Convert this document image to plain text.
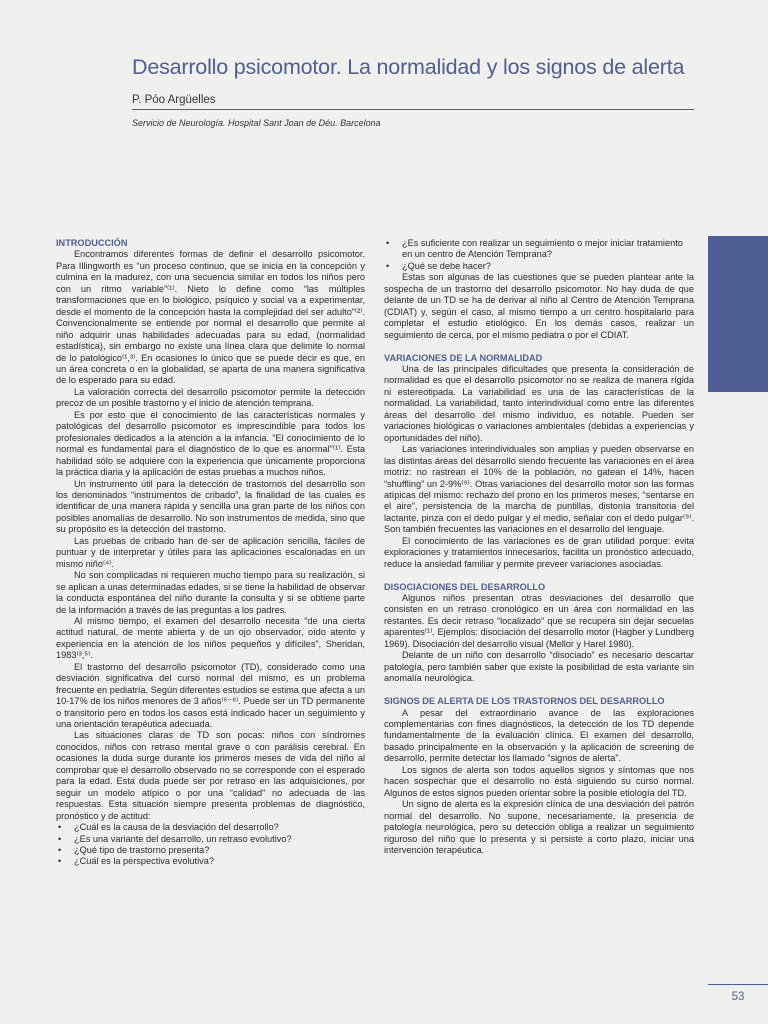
Desarrollo psicomotor. La normalidad y los signos de alerta
P. Póo Argüelles
Servicio de Neurología. Hospital Sant Joan de Déu. Barcelona
INTRODUCCIÓN

Encontramos diferentes formas de definir el desarrollo psicomotor. Para Illingworth es “un proceso continuo, que se inicia en la concepción y culmina en la madurez, con una secuencia similar en todos los niños pero con un ritmo variable”⁽¹⁾. Nieto lo define como “las múltiples transformaciones que en lo biológico, psíquico y social va a experimentar, desde el momento de la concepción hasta la complejidad del ser adulto”⁽²⁾. Convencionalmente se entiende por normal el desarrollo que permite al niño adquirir unas habilidades adecuadas para su edad, (normalidad estadística), sin embargo no existe una línea clara que delimite lo normal de lo patológico⁽¹,³⁾. En ocasiones lo único que se puede decir es que, en un área concreta o en la globalidad, se aparta de una manera significativa de lo esperado para su edad.

La valoración correcta del desarrollo psicomotor permite la detección precoz de un posible trastorno y el inicio de atención temprana.

Es por esto que el conocimiento de las características normales y patológicas del desarrollo psicomotor es imprescindible para todos los profesionales dedicados a la atención a la infancia. “El conocimiento de lo normal es fundamental para el diagnóstico de lo que es anormal”⁽¹⁾. Esta habilidad sólo se adquiere con la experiencia que únicamente proporciona la práctica diaria y la aplicación de estas pruebas a muchos niños.

Un instrumento útil para la detección de trastornos del desarrollo son los denominados “instrumentos de cribado”, la finalidad de las cuales es identificar de una manera rápida y sencilla una gran parte de los niños con posibles anomalías de desarrollo. No son instrumentos de medida, sino que su propósito es la detección del trastorno.

Las pruebas de cribado han de ser de aplicación sencilla, fáciles de puntuar y de interpretar y útiles para las aplicaciones escalonadas en un mismo niño⁽⁴⁾.

No son complicadas ni requieren mucho tiempo para su realización, si se aplican a unas determinadas edades, si se tiene la habilidad de observar la conducta espontánea del niño durante la consulta y si se obtiene parte de la información a través de las preguntas a los padres.

Al mismo tiempo, el examen del desarrollo necesita “de una cierta actitud natural, de mente abierta y de un ojo observador, oído atento y experiencia en la atención de los niños pequeños y difíciles”, Sheridan, 1983⁽³,⁵⁾.

El trastorno del desarrollo psicomotor (TD), considerado como una desviación significativa del curso normal del mismo, es un problema frecuente en pediatría. Según diferentes estudios se estima que afecta a un 10-17% de los niños menores de 3 años⁽⁶⁻⁸⁾. Puede ser un TD permanente o transitorio pero en todos los casos está indicado hacer un seguimiento y una orientación terapéutica adecuada.

Las situaciones claras de TD son pocas: niños con síndromes conocidos, niños con retraso mental grave o con parálisis cerebral. En ocasiones la duda surge durante los primeros meses de vida del niño al comprobar que el desarrollo observado no se corresponde con el esperado para la edad. Esta duda puede ser por retraso en las adquisiciones, por seguir un modelo atípico o por una “calidad” no adecuada de las respuestas. Esta situación siempre presenta problemas de diagnóstico, pronóstico y de actitud:

• ¿Cuál es la causa de la desviación del desarrollo?
• ¿Es una variante del desarrollo, un retraso evolutivo?
• ¿Qué tipo de trastorno presenta?
• ¿Cuál es la perspectiva evolutiva?
• ¿Es suficiente con realizar un seguimiento o mejor iniciar tratamiento en un centro de Atención Temprana?
• ¿Qué se debe hacer?

Estas son algunas de las cuestiones que se pueden plantear ante la sospecha de un trastorno del desarrollo psicomotor. No hay duda de que delante de un TD se ha de derivar al niño al Centro de Atención Temprana (CDIAT) y, según el caso, al mismo tiempo a un centro hospitalario para completar el estudio etiológico. En los demás casos, realizar un seguimiento de cerca, por el mismo pediatra o por el CDIAT.

VARIACIONES DE LA NORMALIDAD

Una de las principales dificultades que presenta la consideración de normalidad es que el desarrollo psicomotor no se realiza de manera rígida ni estereotipada. La variabilidad es una de las características de la normalidad. La variabilidad, tanto interindividual como entre las diferentes áreas del desarrollo del mismo individuo, es notable. Pueden ser variaciones biológicas o variaciones ambientales (debidas a experiencias y oportunidades del niño).

Las variaciones interindividuales son amplias y pueden observarse en las distintas áreas del desarrollo siendo frecuente las variaciones en el área motriz: no rastrean el 10% de la población, no gatean el 14%, hacen “shuffling” un 2-9%⁽⁹⁾. Otras variaciones del desarrollo motor son las formas atípicas del mismo: rechazo del prono en los primeros meses, “sentarse en el aire”, persistencia de la marcha de puntillas, distonía transitoria del lactante, pinza con el dedo pulgar y el medio, señalar con el dedo pulgar⁽⁹⁾. Son también frecuentes las variaciones en el desarrollo del lenguaje.

El conocimiento de las variaciones es de gran utilidad porque: evita exploraciones y tratamientos innecesarios, facilita un pronóstico adecuado, reduce la ansiedad familiar y permite preveer variaciones asociadas.

DISOCIACIONES DEL DESARROLLO

Algunos niños presentan otras desviaciones del desarrollo que consisten en un retraso cronológico en un área con normalidad en las restantes. Es decir retraso “localizado” que se recupera sin dejar secuelas aparentes⁽¹⁾. Ejemplos: disociación del desarrollo motor (Hagber y Lundberg 1969). Disociación del desarrollo visual (Mellor y Harel 1980).

Delante de un niño con desarrollo “disociado” es necesario descartar patología, pero también saber que existe la posibilidad de esta variante sin anomalía neurológica.

SIGNOS DE ALERTA DE LOS TRASTORNOS DEL DESARROLLO

A pesar del extraordinario avance de las exploraciones complementarias con fines diagnósticos, la detección de los TD depende fundamentalmente de la evaluación clínica. El examen del desarrollo, basado principalmente en la observación y la aplicación de screening de desarrollo, permite detectar los llamado “signos de alerta”.

Los signos de alerta son todos aquellos signos y síntomas que nos hacen sospechar que el desarrollo no está siguiendo su curso normal. Algunos de estos signos pueden orientar sobre la posible etiología del TD.

Un signo de alerta es la expresión clínica de una desviación del patrón normal del desarrollo. No supone, necesariamente, la presencia de patología neurológica, pero su detección obliga a realizar un seguimiento riguroso del niño que lo presenta y si persiste a corto plazo, iniciar una intervención terapéutica.

53
